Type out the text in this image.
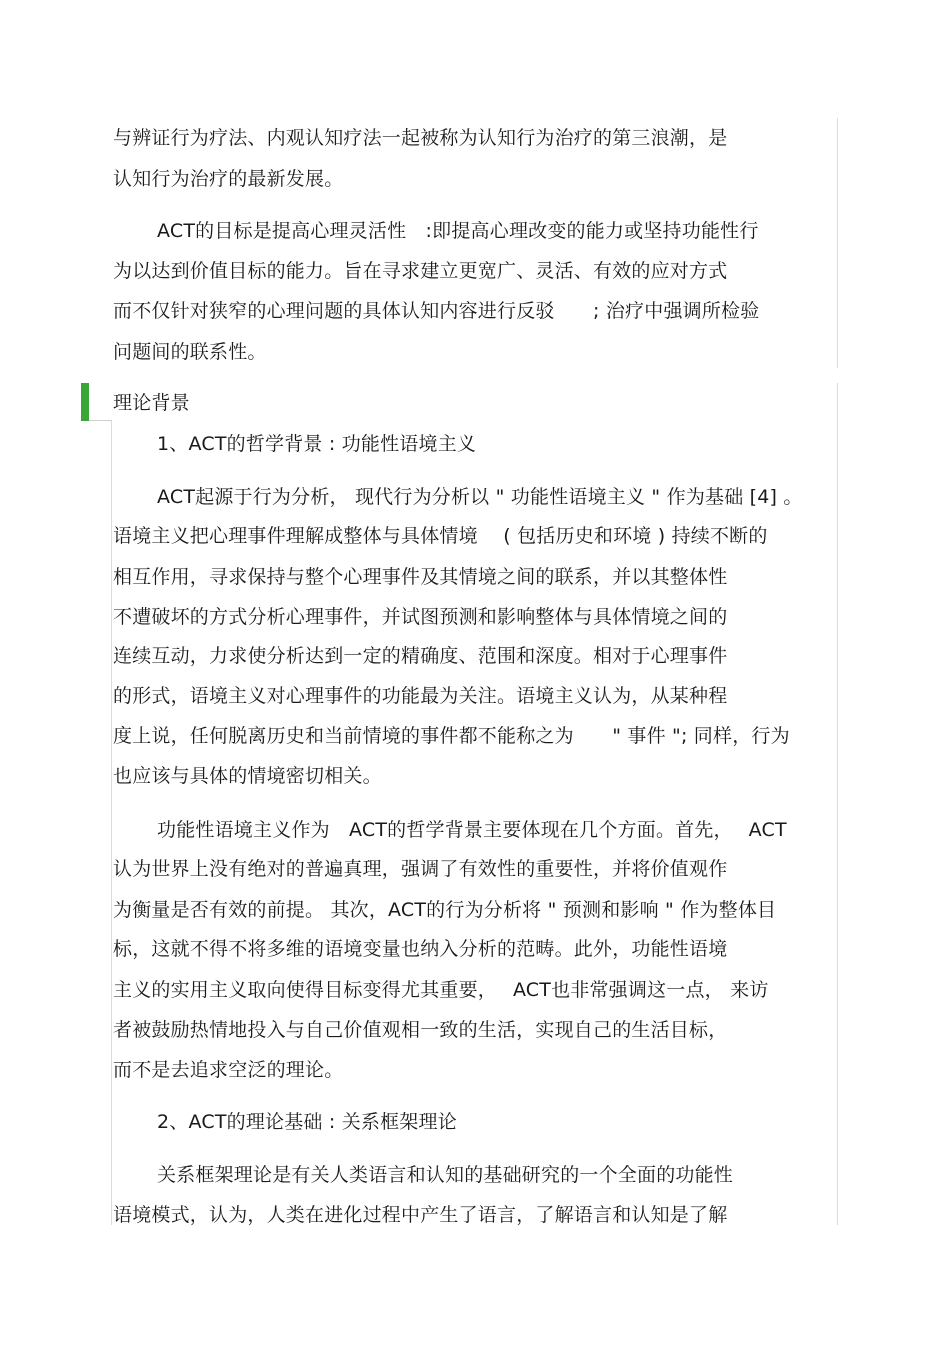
与辨证行为疗法、内观认知疗法一起被称为认知行为治疗的第三浪潮，是
认知行为治疗的最新发展。
ACT的目标是提高心理灵活性　:即提高心理改变的能力或坚持功能性行
为以达到价值目标的能力。旨在寻求建立更宽广、灵活、有效的应对方式
而不仅针对狭窄的心理问题的具体认知内容进行反驳　　; 治疗中强调所检验
问题间的联系性。
理论背景
1、ACT的哲学背景 : 功能性语境主义
ACT起源于行为分析， 现代行为分析以 " 功能性语境主义 " 作为基础 [4] 。
语境主义把心理事件理解成整体与具体情境　 ( 包括历史和环境 ) 持续不断的
相互作用，寻求保持与整个心理事件及其情境之间的联系，并以其整体性
不遭破坏的方式分析心理事件，并试图预测和影响整体与具体情境之间的
连续互动，力求使分析达到一定的精确度、范围和深度。相对于心理事件
的形式，语境主义对心理事件的功能最为关注。语境主义认为，从某种程
度上说，任何脱离历史和当前情境的事件都不能称之为　　" 事件 "; 同样，行为
也应该与具体的情境密切相关。
功能性语境主义作为　ACT的哲学背景主要体现在几个方面。首先，　 ACT
认为世界上没有绝对的普遍真理，强调了有效性的重要性，并将价值观作
为衡量是否有效的前提。 其次，ACT的行为分析将 " 预测和影响 " 作为整体目
标，这就不得不将多维的语境变量也纳入分析的范畴。此外，功能性语境
主义的实用主义取向使得目标变得尤其重要，　 ACT也非常强调这一点， 来访
者被鼓励热情地投入与自己价值观相一致的生活，实现自己的生活目标，
而不是去追求空泛的理论。
2、ACT的理论基础 : 关系框架理论
关系框架理论是有关人类语言和认知的基础研究的一个全面的功能性
语境模式，认为，人类在进化过程中产生了语言，了解语言和认知是了解
